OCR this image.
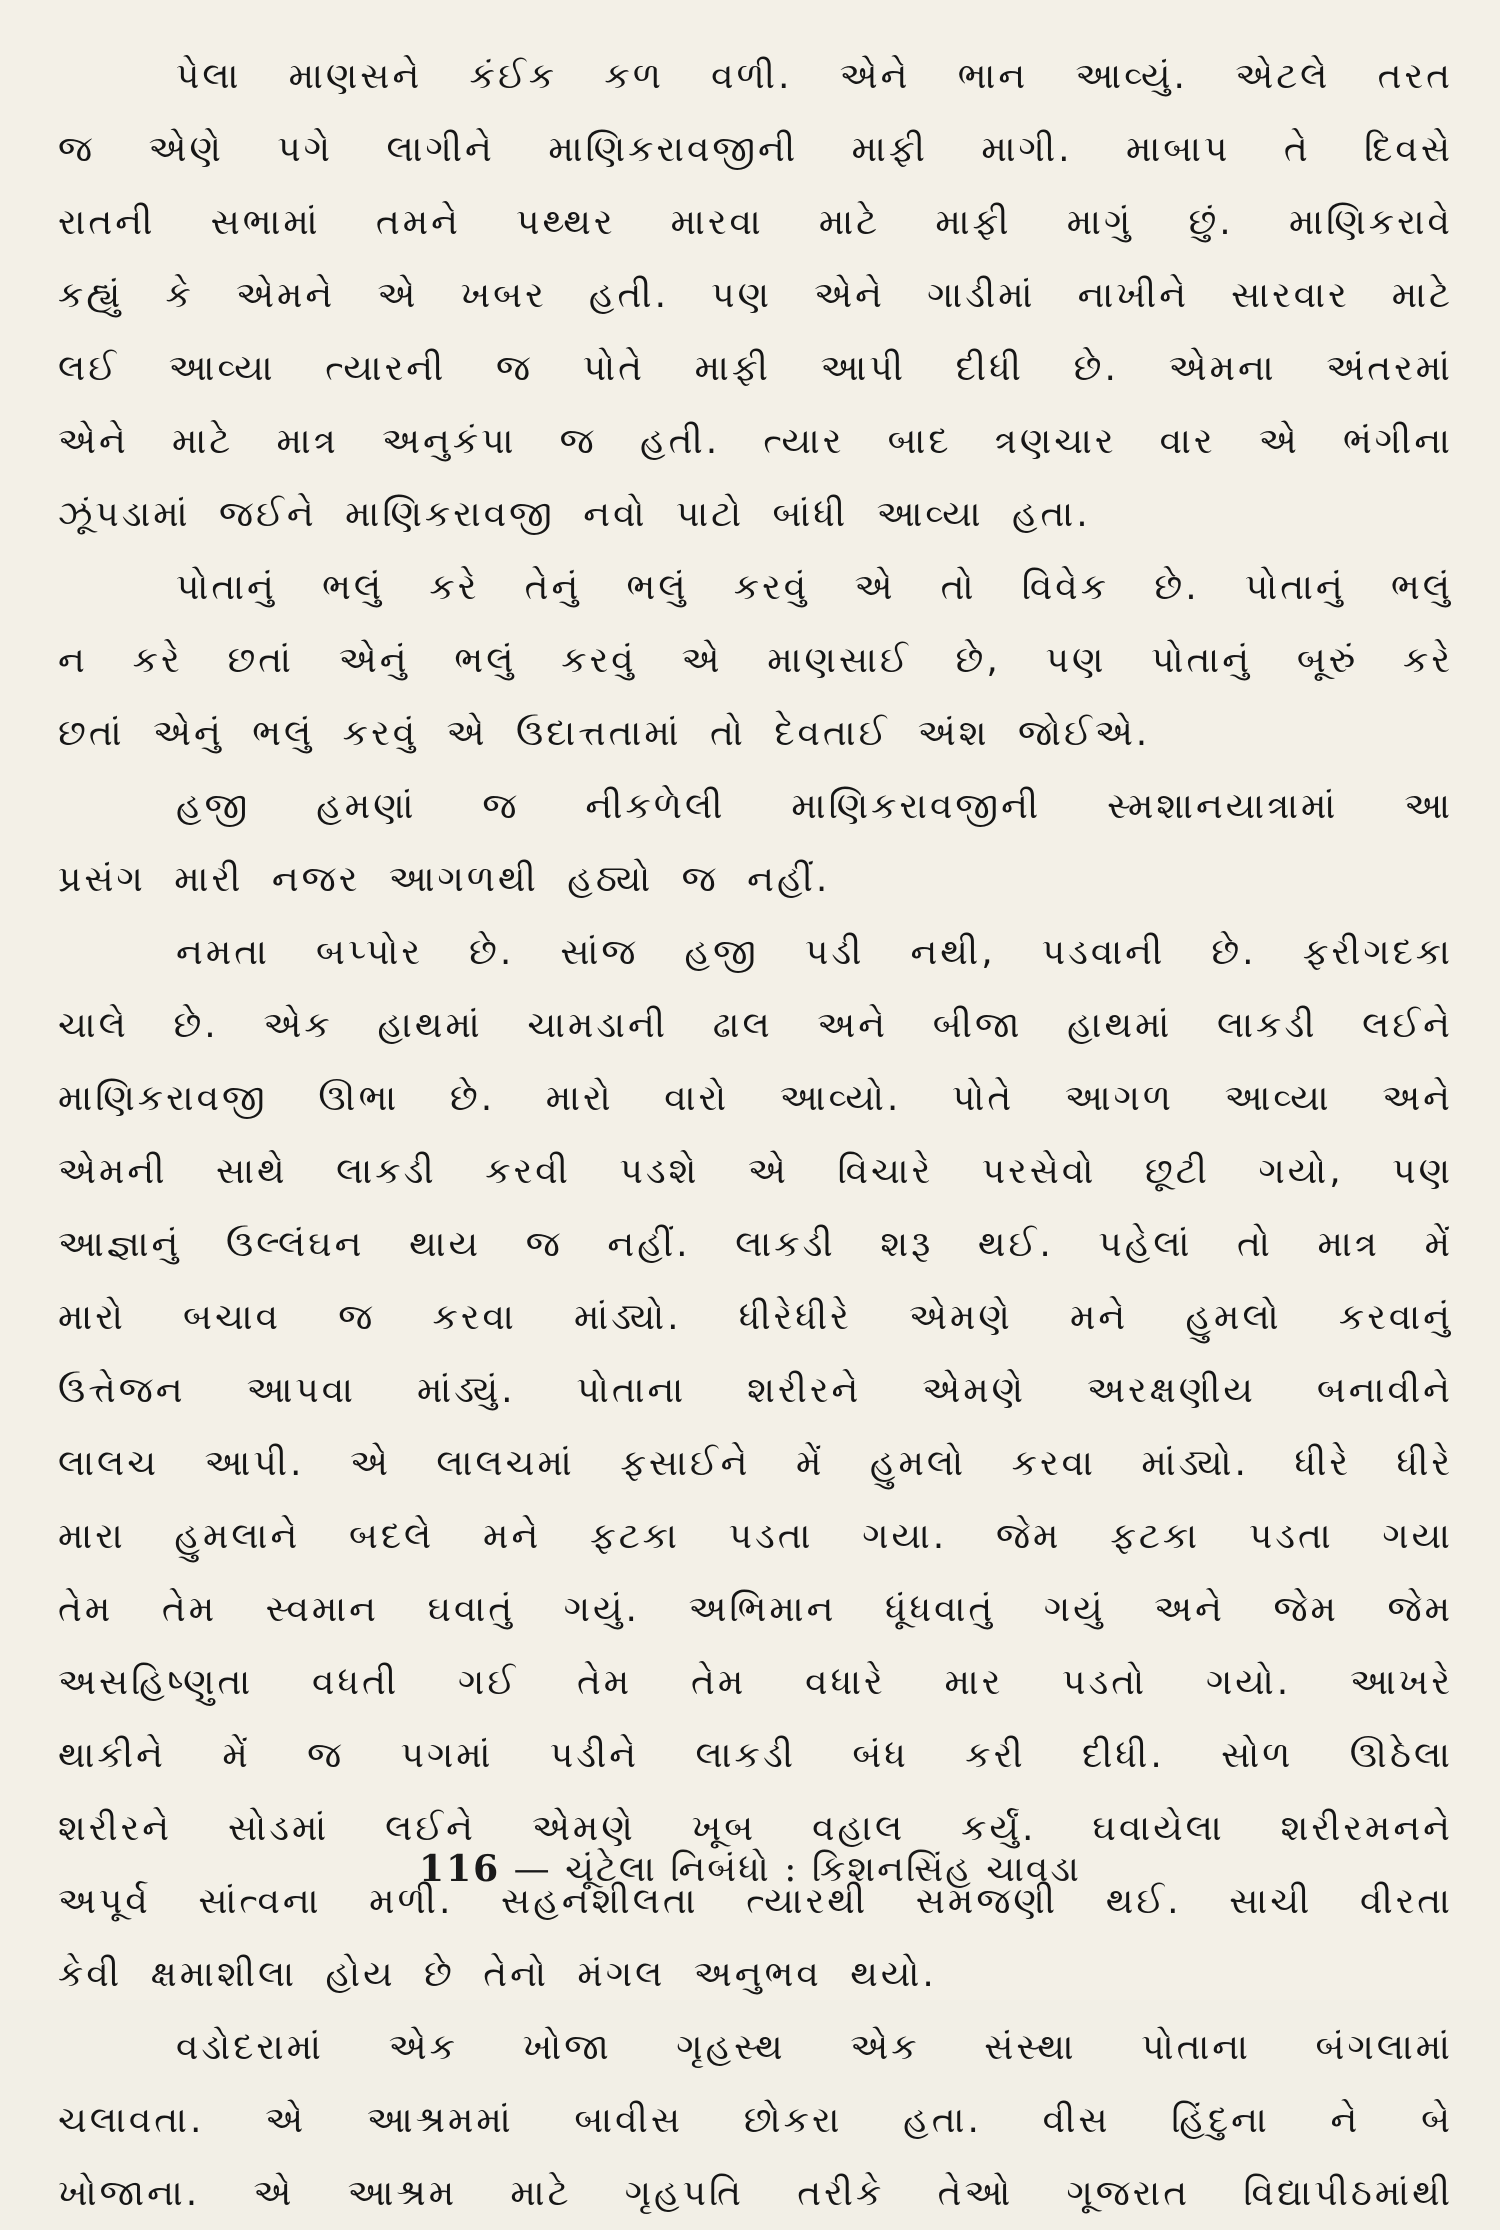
પેલા માણસને કંઈક કળ વળી. એને ભાન આવ્યું. એટલે તરત
જ એણે પગે લાગીને માણિકરાવજીની માફી માગી. માબાપ તે દિવસે
રાતની સભામાં તમને પથ્થર મારવા માટે માફી માગું છું. માણિકરાવે
કહ્યું કે એમને એ ખબર હતી. પણ એને ગાડીમાં નાખીને સારવાર માટે
લઈ આવ્યા ત્યારની જ પોતે માફી આપી દીધી છે. એમના અંતરમાં
એને માટે માત્ર અનુકંપા જ હતી. ત્યાર બાદ ત્રણચાર વાર એ ભંગીના
ઝૂંપડામાં જઈને માણિકરાવજી નવો પાટો બાંધી આવ્યા હતા.
પોતાનું ભલું કરે તેનું ભલું કરવું એ તો વિવેક છે. પોતાનું ભલું
ન કરે છતાં એનું ભલું કરવું એ માણસાઈ છે, પણ પોતાનું બૂરું કરે
છતાં એનું ભલું કરવું એ ઉદાત્તતામાં તો દેવતાઈ અંશ જોઈએ.
હજી હમણાં જ નીકળેલી માણિકરાવજીની સ્મશાનયાત્રામાં આ
પ્રસંગ મારી નજર આગળથી હઠ્યો જ નહીં.
નમતા બપ્પોર છે. સાંજ હજી પડી નથી, પડવાની છે. ફરીગદકા
ચાલે છે. એક હાથમાં ચામડાની ઢાલ અને બીજા હાથમાં લાકડી લઈને
માણિકરાવજી ઊભા છે. મારો વારો આવ્યો. પોતે આગળ આવ્યા અને
એમની સાથે લાકડી કરવી પડશે એ વિચારે પરસેવો છૂટી ગયો, પણ
આજ્ઞાનું ઉલ્લંઘન થાય જ નહીં. લાકડી શરૂ થઈ. પહેલાં તો માત્ર મેં
મારો બચાવ જ કરવા માંડ્યો. ધીરેધીરે એમણે મને હુમલો કરવાનું
ઉત્તેજન આપવા માંડ્યું. પોતાના શરીરને એમણે અરક્ષણીય બનાવીને
લાલચ આપી. એ લાલચમાં ફસાઈને મેં હુમલો કરવા માંડ્યો. ધીરે ધીરે
મારા હુમલાને બદલે મને ફટકા પડતા ગયા. જેમ ફટકા પડતા ગયા
તેમ તેમ સ્વમાન ઘવાતું ગયું. અભિમાન ધૂંધવાતું ગયું અને જેમ જેમ
અસહિષ્ણુતા વધતી ગઈ તેમ તેમ વધારે માર પડતો ગયો. આખરે
થાકીને મેં જ પગમાં પડીને લાકડી બંધ કરી દીધી. સોળ ઊઠેલા
શરીરને સોડમાં લઈને એમણે ખૂબ વહાલ કર્યું. ઘવાયેલા શરીરમનને
અપૂર્વ સાંત્વના મળી. સહનશીલતા ત્યારથી સમજણી થઈ. સાચી વીરતા
કેવી ક્ષમાશીલા હોય છે તેનો મંગલ અનુભવ થયો.
વડોદરામાં એક ખોજા ગૃહસ્થ એક સંસ્થા પોતાના બંગલામાં
ચલાવતા. એ આશ્રમમાં બાવીસ છોકરા હતા. વીસ હિંદુના ને બે
ખોજાના. એ આશ્રમ માટે ગૃહપતિ તરીકે તેઓ ગૂજરાત વિદ્યાપીઠમાંથી
116 — ચૂંટેલા નિબંધો : કિશનસિંહ ચાવડા
